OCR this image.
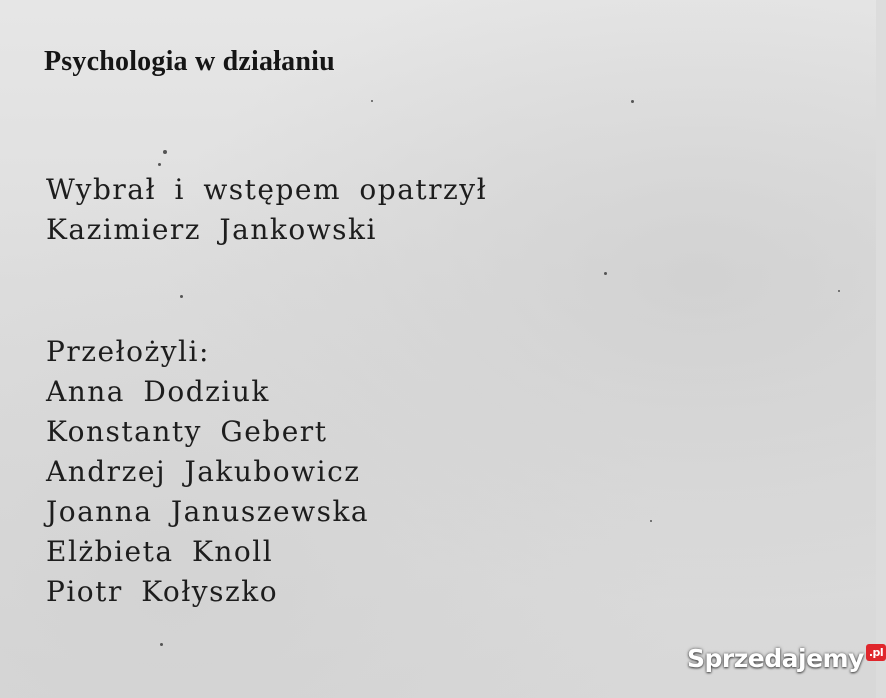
Psychologia w działaniu
Wybrał i wstępem opatrzył
Kazimierz Jankowski
Przełożyli:
Anna Dodziuk
Konstanty Gebert
Andrzej Jakubowicz
Joanna Januszewska
Elżbieta Knoll
Piotr Kołyszko
Sprzedajemy .pl
